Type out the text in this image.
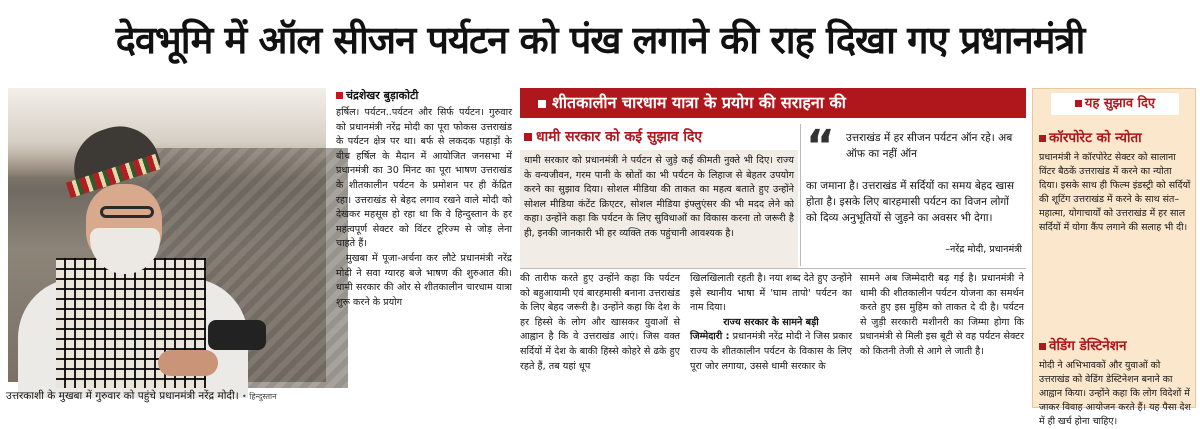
देवभूमि में ऑल सीजन पर्यटन को पंख लगाने की राह दिखा गए प्रधानमंत्री
उत्तरकाशी के मुखबा में गुरुवार को पहुंचे प्रधानमंत्री नरेंद्र मोदी। • हिन्दुस्तान
चंद्रशेखर बुड़ाकोटी

हर्षिल। पर्यटन..पर्यटन और सिर्फ पर्यटन। गुरुवार को प्रधानमंत्री नरेंद्र मोदी का पूरा फोकस उत्तराखंड के पर्यटन क्षेत्र पर था। बर्फ से लकदक पहाड़ों के बीच हर्षिल के मैदान में आयोजित जनसभा में प्रधानमंत्री का 30 मिनट का पूरा भाषण उत्तराखंड के शीतकालीन पर्यटन के प्रमोशन पर ही केंद्रित रहा। उत्तराखंड से बेहद लगाव रखने वाले मोदी को देखकर महसूस हो रहा था कि वे हिन्दुस्तान के हर महत्वपूर्ण सेक्टर को विंटर टूरिज्म से जोड़ लेना चाहते हैं।

मुखबा में पूजा-अर्चना कर लौटे प्रधानमंत्री नरेंद्र मोदी ने सवा ग्यारह बजे भाषण की शुरुआत की। धामी सरकार की ओर से शीतकालीन चारधाम यात्रा शुरू करने के प्रयोग

शीतकालीन चारधाम यात्रा के प्रयोग की सराहना की
धामी सरकार को कई सुझाव दिए

धामी सरकार को प्रधानमंत्री ने पर्यटन से जुड़े कई कीमती नुक्ते भी दिए। राज्य के वन्यजीवन, गरम पानी के स्रोतों का भी पर्यटन के लिहाज से बेहतर उपयोग करने का सुझाव दिया। सोशल मीडिया की ताकत का महत्व बताते हुए उन्होंने सोशल मीडिया कंटेंट क्रिएटर, सोशल मीडिया इंफ्लुएंसर की भी मदद लेने को कहा। उन्होंने कहा कि पर्यटन के लिए सुविधाओं का विकास करना तो जरूरी है ही, इनकी जानकारी भी हर व्यक्ति तक पहुंचानी आवश्यक है।

“ उत्तराखंड में हर सीजन पर्यटन ऑन रहे। अब ऑफ का नहीं ऑन
का जमाना है। उत्तराखंड में सर्दियों का समय बेहद खास होता है। इसके लिए बारहमासी पर्यटन का विजन लोगों को दिव्य अनुभूतियों से जुड़ने का अवसर भी देगा।
–नरेंद्र मोदी, प्रधानमंत्री

की तारीफ करते हुए उन्होंने कहा कि पर्यटन को बहुआयामी एवं बारहमासी बनाना उत्तराखंड के लिए बेहद जरूरी है। उन्होंने कहा कि देश के हर हिस्से के लोग और खासकर युवाओं से आह्वान है कि वे उत्तराखंड आएं। जिस वक्त सर्दियों में देश के बाकी हिस्से कोहरे से ढके हुए रहते हैं, तब यहां धूप

खिलखिलाती रहती है। नया शब्द देते हुए उन्होंने इसे स्थानीय भाषा में 'घाम तापो' पर्यटन का नाम दिया।

राज्य सरकार के सामने बड़ी

जिम्मेदारी : प्रधानमंत्री नरेंद्र मोदी ने जिस प्रकार राज्य के शीतकालीन पर्यटन के विकास के लिए पूरा जोर लगाया, उससे धामी सरकार के

सामने अब जिम्मेदारी बढ़ गई है। प्रधानमंत्री ने धामी की शीतकालीन पर्यटन योजना का समर्थन करते हुए इस मुहिम को ताकत दे दी है। पर्यटन से जुड़ी सरकारी मशीनरी का जिम्मा होगा कि प्रधानमंत्री से मिली इस बूटी से वह पर्यटन सेक्टर को कितनी तेजी से आगे ले जाती है।

यह सुझाव दिए
कॉरपोरेट को न्योता
प्रधानमंत्री ने कॉरपोरेट सेक्टर को सालाना विंटर बैठकें उत्तराखंड में करने का न्योता दिया। इसके साथ ही फिल्म इंडस्ट्री को सर्दियों की शूटिंग उत्तराखंड में करने के साथ संत–महात्मा, योगाचार्यों को उत्तराखंड में हर साल सर्दियों में योगा कैंप लगाने की सलाह भी दी।
वेडिंग डेस्टिनेशन
मोदी ने अभिभावकों और युवाओं को उत्तराखंड को वेडिंग डेस्टिनेशन बनाने का आह्वान किया। उन्होंने कहा कि लोग विदेशों में जाकर विवाह आयोजन करते हैं। यह पैसा देश में ही खर्च होना चाहिए।
